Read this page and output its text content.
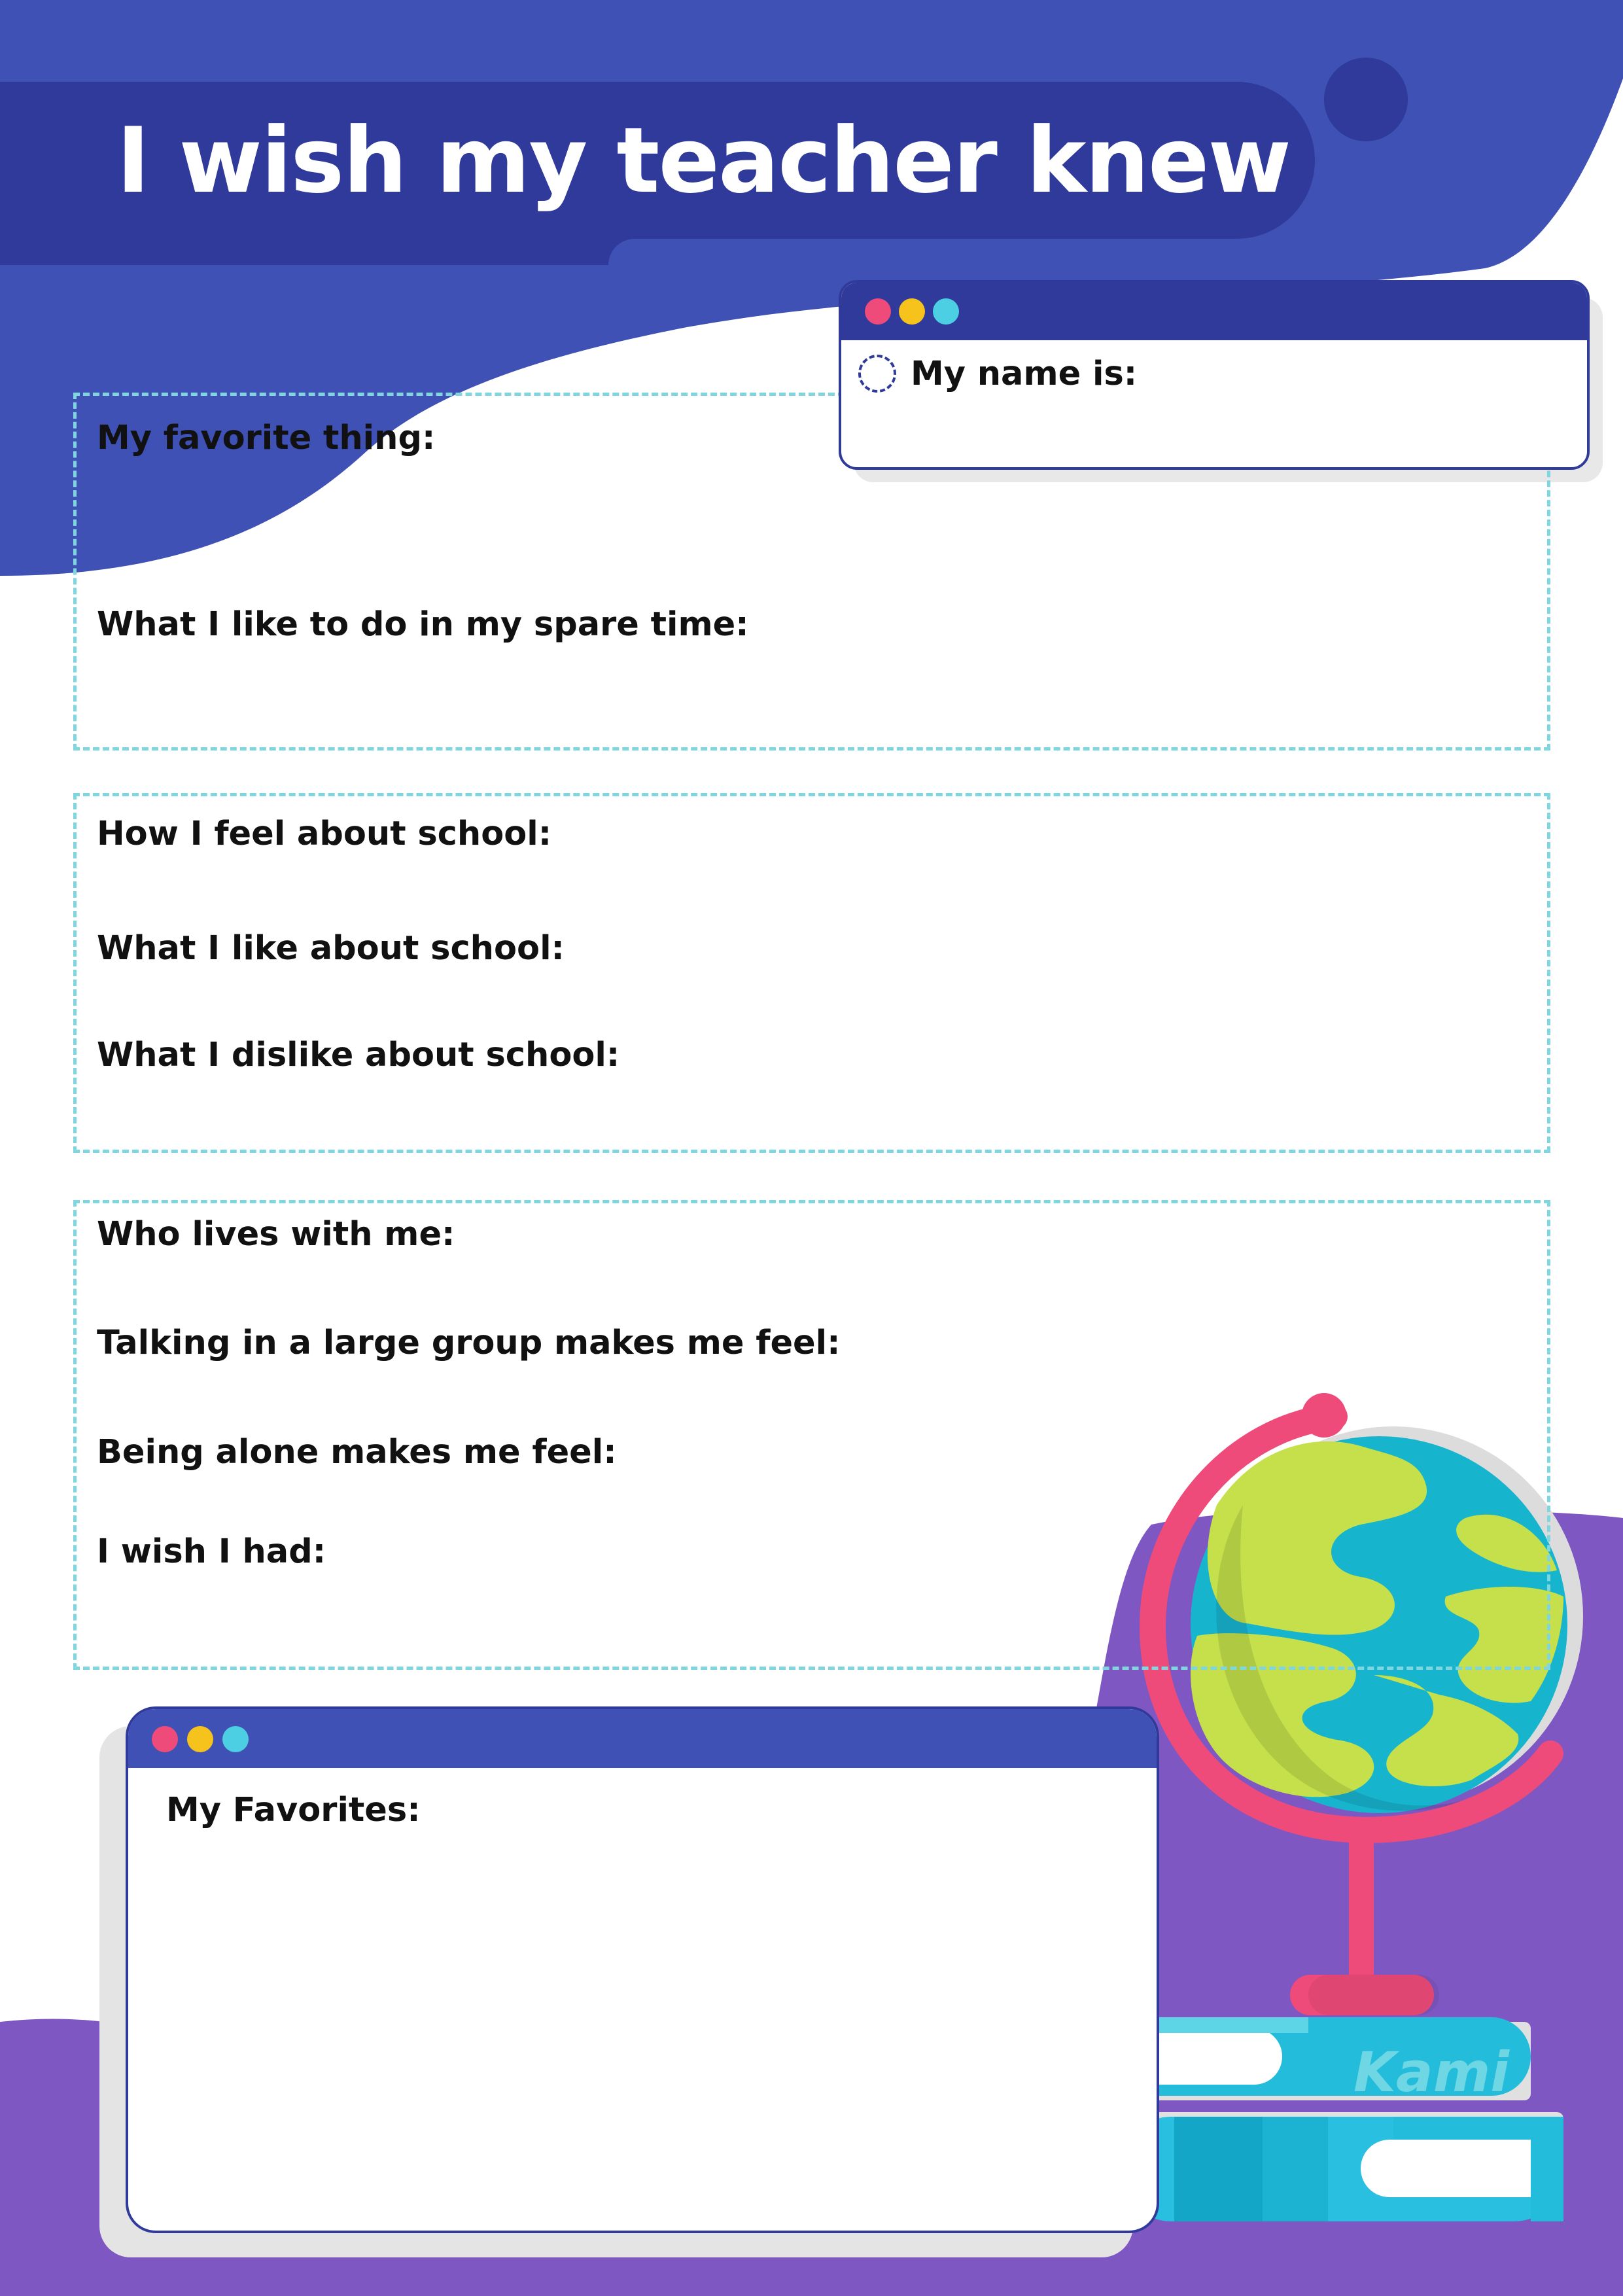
I wish my teacher knew
My favorite thing:
What I like to do in my spare time:
My name is:
How I feel about school:
What I like about school:
What I dislike about school:
Who lives with me:
Talking in a large group makes me feel:
Being alone makes me feel:
I wish I had:
My Favorites:
Kami
